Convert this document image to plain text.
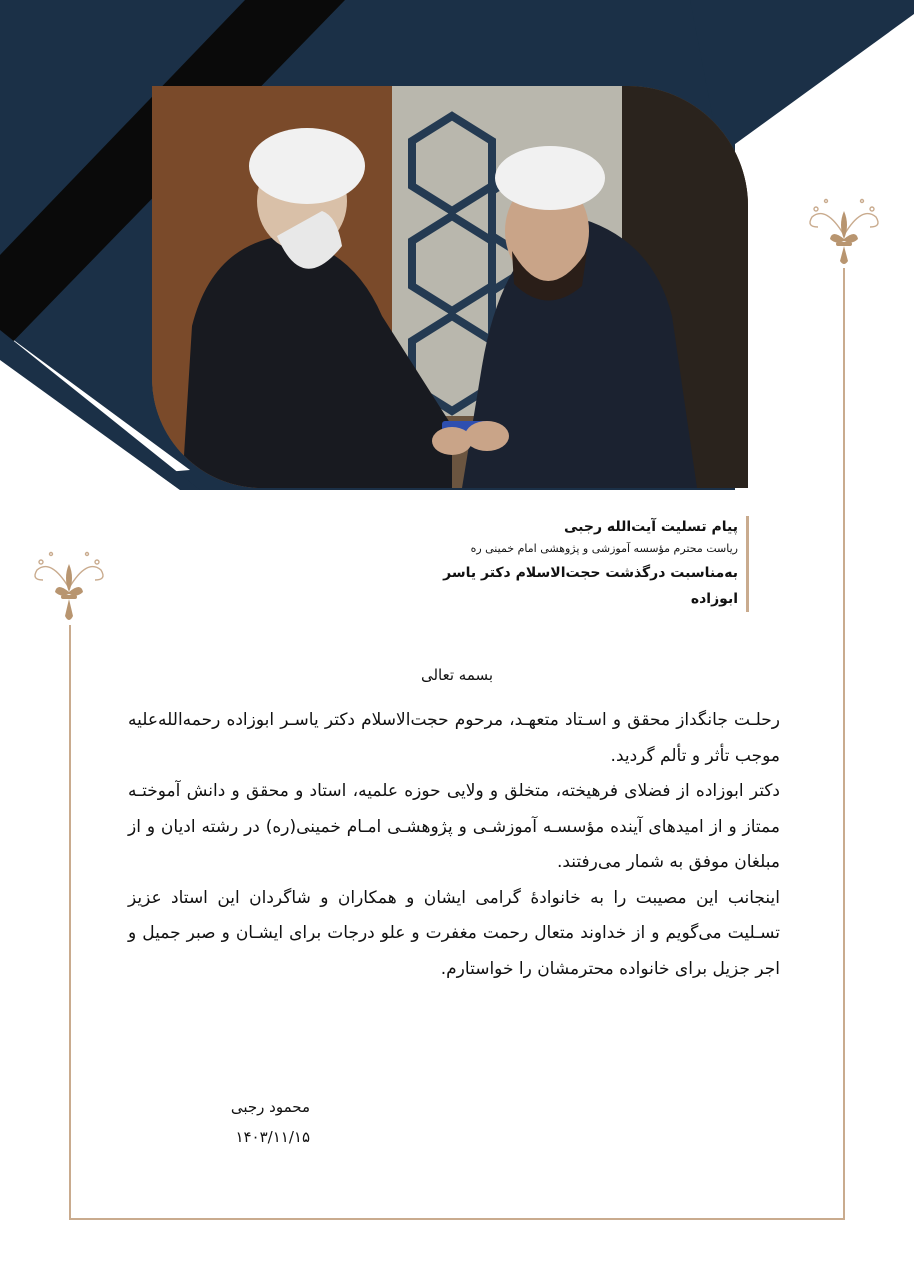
پیام تسلیت آیت‌الله رجبی
ریاست محترم مؤسسه آموزشی و پژوهشی امام خمینی ره
به‌مناسبت درگذشت حجت‌الاسلام دکتر یاسر ابوزاده
بسمه تعالی

رحلـت جانگداز محقق و اسـتاد متعهـد، مرحوم حجت‌الاسلام دکتر یاسـر ابوزاده رحمه‌الله‌علیه موجب تأثر و تألم گردید.

دکتر ابوزاده از فضلای فرهیخته، متخلق و ولایی حوزه علمیه، استاد و محقق و دانش آموختـه ممتاز و از امیدهای آینده مؤسسـه آموزشـی و پژوهشـی امـام خمینی(ره) در رشته ادیان و از مبلغان موفق به شمار می‌رفتند.

اینجانب این مصیبت را به خانوادهٔ گرامی ایشان و همکاران و شاگردان این استاد عزیز تسـلیت می‌گویم و از خداوند متعال رحمت مغفرت و علو درجات برای ایشـان و صبر جمیل و اجر جزیل برای خانواده محترمشان را خواستارم.

محمود رجبی
۱۴۰۳/۱۱/۱۵
